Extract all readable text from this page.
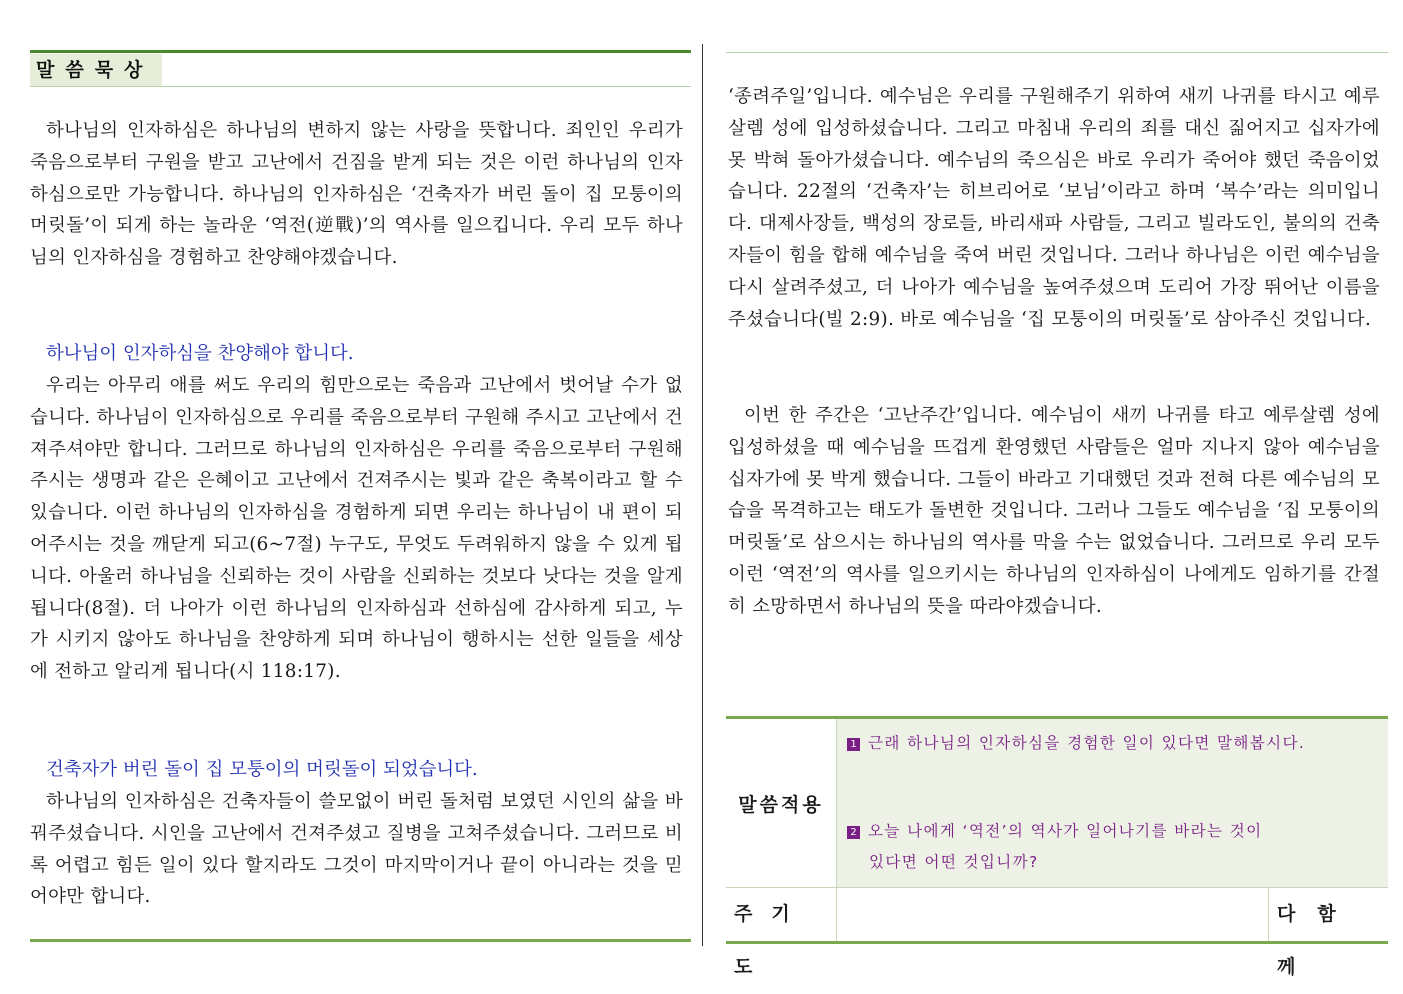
말씀묵상

하나님의 인자하심은 하나님의 변하지 않는 사랑을 뜻합니다. 죄인인 우리가 죽음으로부터 구원을 받고 고난에서 건짐을 받게 되는 것은 이런 하나님의 인자하심으로만 가능합니다. 하나님의 인자하심은 ‘건축자가 버린 돌이 집 모퉁이의 머릿돌’이 되게 하는 놀라운 ‘역전(逆戰)’의 역사를 일으킵니다. 우리 모두 하나님의 인자하심을 경험하고 찬양해야겠습니다.

하나님이 인자하심을 찬양해야 합니다.

우리는 아무리 애를 써도 우리의 힘만으로는 죽음과 고난에서 벗어날 수가 없습니다. 하나님이 인자하심으로 우리를 죽음으로부터 구원해 주시고 고난에서 건져주셔야만 합니다. 그러므로 하나님의 인자하심은 우리를 죽음으로부터 구원해주시는 생명과 같은 은혜이고 고난에서 건져주시는 빛과 같은 축복이라고 할 수 있습니다. 이런 하나님의 인자하심을 경험하게 되면 우리는 하나님이 내 편이 되어주시는 것을 깨닫게 되고(6~7절) 누구도, 무엇도 두려워하지 않을 수 있게 됩니다. 아울러 하나님을 신뢰하는 것이 사람을 신뢰하는 것보다 낫다는 것을 알게 됩니다(8절). 더 나아가 이런 하나님의 인자하심과 선하심에 감사하게 되고, 누가 시키지 않아도 하나님을 찬양하게 되며 하나님이 행하시는 선한 일들을 세상에 전하고 알리게 됩니다(시 118:17).

건축자가 버린 돌이 집 모퉁이의 머릿돌이 되었습니다.

하나님의 인자하심은 건축자들이 쓸모없이 버린 돌처럼 보였던 시인의 삶을 바꿔주셨습니다. 시인을 고난에서 건져주셨고 질병을 고쳐주셨습니다. 그러므로 비록 어렵고 힘든 일이 있다 할지라도 그것이 마지막이거나 끝이 아니라는 것을 믿어야만 합니다.

‘종려주일’입니다. 예수님은 우리를 구원해주기 위하여 새끼 나귀를 타시고 예루살렘 성에 입성하셨습니다. 그리고 마침내 우리의 죄를 대신 짊어지고 십자가에 못 박혀 돌아가셨습니다. 예수님의 죽으심은 바로 우리가 죽어야 했던 죽음이었습니다. 22절의 ‘건축자’는 히브리어로 ‘보님’이라고 하며 ‘복수’라는 의미입니다. 대제사장들, 백성의 장로들, 바리새파 사람들, 그리고 빌라도인, 불의의 건축자들이 힘을 합해 예수님을 죽여 버린 것입니다. 그러나 하나님은 이런 예수님을 다시 살려주셨고, 더 나아가 예수님을 높여주셨으며 도리어 가장 뛰어난 이름을 주셨습니다(빌 2:9). 바로 예수님을 ‘집 모퉁이의 머릿돌’로 삼아주신 것입니다.

이번 한 주간은 ‘고난주간’입니다. 예수님이 새끼 나귀를 타고 예루살렘 성에 입성하셨을 때 예수님을 뜨겁게 환영했던 사람들은 얼마 지나지 않아 예수님을 십자가에 못 박게 했습니다. 그들이 바라고 기대했던 것과 전혀 다른 예수님의 모습을 목격하고는 태도가 돌변한 것입니다. 그러나 그들도 예수님을 ‘집 모퉁이의 머릿돌’로 삼으시는 하나님의 역사를 막을 수는 없었습니다. 그러므로 우리 모두 이런 ‘역전’의 역사를 일으키시는 하나님의 인자하심이 나에게도 임하기를 간절히 소망하면서 하나님의 뜻을 따라야겠습니다.

말씀적용

1 근래 하나님의 인자하심을 경험한 일이 있다면 말해봅시다.

2 오늘 나에게 ‘역전’의 역사가 일어나기를 바라는 것이

있다면 어떤 것입니까?

주기도
다함께
